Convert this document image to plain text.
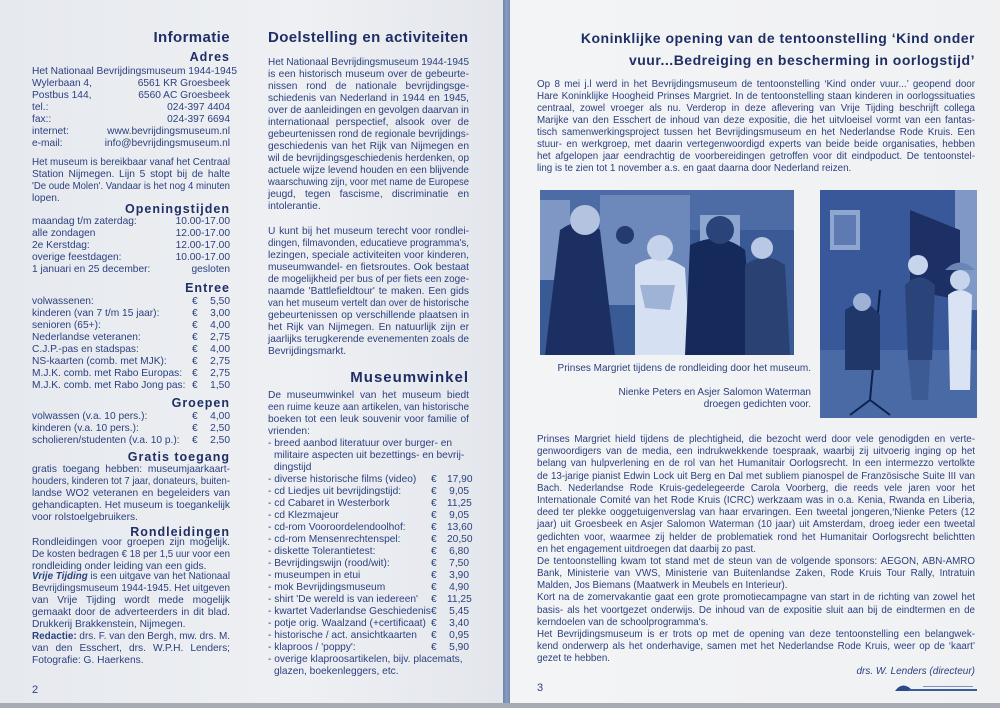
Informatie
Adres
Het Nationaal Bevrijdingsmuseum 1944-1945
Wylerbaan 4,	6561 KR Groesbeek
Postbus 144,	6560 AC Groesbeek
tel.:	024-397 4404
fax::	024-397 6694
internet:	www.bevrijdingsmuseum.nl
e-mail:	info@bevrijdingsmuseum.nl
Het museum is bereikbaar vanaf het Centraal
Station Nijmegen. Lijn 5 stopt bij de halte
'De oude Molen'. Vandaar is het nog 4 minuten
lopen.
Openingstijden
maandag t/m zaterdag:	10.00-17.00
alle zondagen	12.00-17.00
2e Kerstdag:	12.00-17.00
overige feestdagen:	10.00-17.00
1 januari en 25 december:	gesloten
Entree
volwassenen:	€	5,50
kinderen (van 7 t/m 15 jaar):	€	3,00
senioren (65+):	€	4,00
Nederlandse veteranen:	€	2,75
C.J.P.-pas en stadspas:	€	4,00
NS-kaarten (comb. met MJK):	€	2,75
M.J.K. comb. met Rabo Europas: €	2,75
M.J.K. comb. met Rabo Jong pas: €	1,50
Groepen
volwassen (v.a. 10 pers.):	€	4,00
kinderen (v.a. 10 pers.):	€	2,50
scholieren/studenten (v.a. 10 p.):	€	2,50
Gratis toegang
gratis toegang hebben: museumjaarkaart-
houders, kinderen tot 7 jaar, donateurs, buiten-
landse WO2 veteranen en begeleiders van
gehandicapten. Het museum is toegankelijk
voor rolstoelgebruikers.
Rondleidingen
Rondleidingen voor groepen zijn mogelijk.
De kosten bedragen € 18 per 1,5 uur voor een
rondleiding onder leiding van een gids.
Vrije Tijding is een uitgave van het Nationaal
Bevrijdingsmuseum 1944-1945. Het uitgeven
van Vrije Tijding wordt mede mogelijk
gemaakt door de adverteerders in dit blad.
Drukkerij Brakkenstein, Nijmegen.
Redactie: drs. F. van den Bergh, mw. drs. M.
van den Esschert, drs. W.P.H. Lenders;
Fotografie: G. Haerkens.
2
Doelstelling en activiteiten
Het Nationaal Bevrijdingsmuseum 1944-1945
is een historisch museum over de gebeurte-
nissen rond de nationale bevrijdingsge-
schiedenis van Nederland in 1944 en 1945,
over de aanleidingen en gevolgen daarvan in
internationaal perspectief, alsook over de
gebeurtenissen rond de regionale bevrijdings-
geschiedenis van het Rijk van Nijmegen en
wil de bevrijdingsgeschiedenis herdenken, op
actuele wijze levend houden en een blijvende
waarschuwing zijn, voor met name de Europese
jeugd, tegen fascisme, discriminatie en
intolerantie.
U kunt bij het museum terecht voor rondlei-
dingen, filmavonden, educatieve programma's,
lezingen, speciale activiteiten voor kinderen,
museumwandel- en fietsroutes. Ook bestaat
de mogelijkheid per bus of per fiets een zoge-
naamde 'Battlefieldtour' te maken. Een gids
van het museum vertelt dan over de historische
gebeurtenissen op verschillende plaatsen in
het Rijk van Nijmegen. En natuurlijk zijn er
jaarlijks terugkerende evenementen zoals de
Bevrijdingsmarkt.
Museumwinkel
De museumwinkel van het museum biedt
een ruime keuze aan artikelen, van historische
boeken tot een leuk souvenir voor familie of
vrienden:
- breed aanbod literatuur over burger- en
militaire aspecten uit bezettings- en bevrij-
dingstijd
- diverse historische films (video)	€	17,90
- cd Liedjes uit bevrijdingstijd:	€	9,05
- cd Cabaret in Westerbork	€	11,25
- cd Klezmajeur	€	9,05
- cd-rom Vooroordelendoolhof:	€	13,60
- cd-rom Mensenrechtenspel:	€	20,50
- diskette Tolerantietest:	€	6,80
- Bevrijdingswijn (rood/wit):	€	7,50
- museumpen in etui	€	3,90
- mok Bevrijdingsmuseum	€	4,90
- shirt 'De wereld is van iedereen'	€	11,25
- kwartet Vaderlandse Geschiedenis €	5,45
- potje orig. Waalzand (+certificaat) €	3,40
- historische / act. ansichtkaarten	€	0,95
- klaproos / 'poppy':	€	5,90
- overige klaproosartikelen, bijv. placemats,
glazen, boekenleggers, etc.
Koninklijke opening van de tentoonstelling ‘Kind onder
vuur...Bedreiging en bescherming in oorlogstijd’
Op 8 mei j.l werd in het Bevrijdingsmuseum de tentoonstelling ‘Kind onder vuur...’ geopend door
Hare Koninklijke Hoogheid Prinses Margriet. In de tentoonstelling staan kinderen in oorlogssituaties
centraal, zowel vroeger als nu. Verderop in deze aflevering van Vrije Tijding beschrijft collega
Marijke van den Esschert de inhoud van deze expositie, die het uitvloeisel vormt van een fantas-
tisch samenwerkingsproject tussen het Bevrijdingsmuseum en het Nederlandse Rode Kruis. Een
stuur- en werkgroep, met daarin vertegenwoordigd experts van beide beide organisaties, hebben
het afgelopen jaar eendrachtig de voorbereidingen getroffen voor dit eindpoduct. De tentoonstel-
ling is te zien tot 1 november a.s. en gaat daarna door Nederland reizen.
Prinses Margriet tijdens de rondleiding door het museum.
Nienke Peters en Asjer Salomon Waterman
droegen gedichten voor.
Prinses Margriet hield tijdens de plechtigheid, die bezocht werd door vele genodigden en verte-
genwoordigers van de media, een indrukwekkende toespraak, waarbij zij uitvoerig inging op het
belang van hulpverlening en de rol van het Humanitair Oorlogsrecht. In een intermezzo vertolkte
de 13-jarige pianist Edwin Lock uit Berg en Dal met subliem pianospel de Französische Suite III van
Bach. Nederlandse Rode Kruis-gedelegeerde Carola Voorberg, die reeds vele jaren voor het
Internationale Comité van het Rode Kruis (ICRC) werkzaam was in o.a. Kenia, Rwanda en Liberia,
deed ter plekke ooggetuigenverslag van haar ervaringen. Een tweetal jongeren,‘Nienke Peters (12
jaar) uit Groesbeek en Asjer Salomon Waterman (10 jaar) uit Amsterdam, droeg ieder een tweetal
gedichten voor, waarmee zij helder de problematiek rond het Humanitair Oorlogsrecht belichtten
en het engagement uitdroegen dat daarbij zo past.
De tentoonstelling kwam tot stand met de steun van de volgende sponsors: AEGON, ABN-AMRO
Bank, Ministerie van VWS, Ministerie van Buitenlandse Zaken, Rode Kruis Tour Rally, Intratuin
Malden, Jos Biemans (Maatwerk in Meubels en Interieur).
Kort na de zomervakantie gaat een grote promotiecampagne van start in de richting van zowel het
basis- als het voortgezet onderwijs. De inhoud van de expositie sluit aan bij de eindtermen en de
kerndoelen van de schoolprogramma's.
Het Bevrijdingsmuseum is er trots op met de opening van deze tentoonstelling een belangwek-
kend onderwerp als het onderhavige, samen met het Nederlandse Rode Kruis, weer op de ‘kaart’
gezet te hebben.
drs. W. Lenders (directeur)
3
